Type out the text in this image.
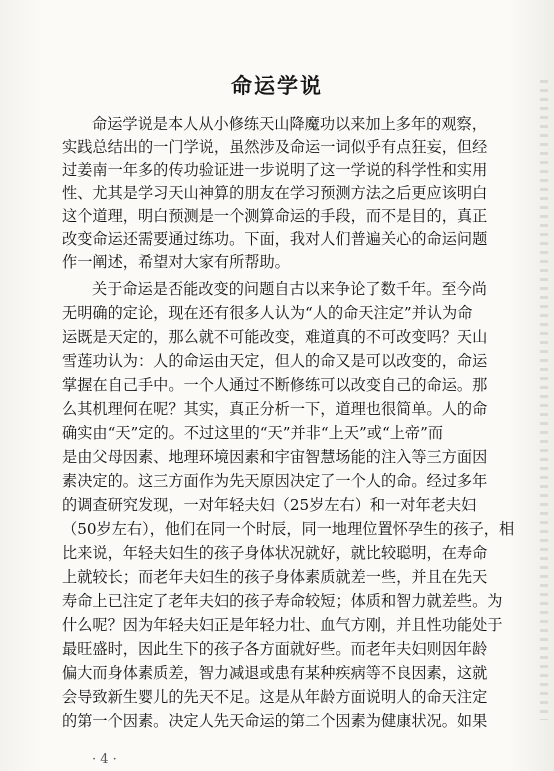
命运学说
命运学说是本人从小修练天山降魔功以来加上多年的观察，
实践总结出的一门学说，虽然涉及命运一词似乎有点狂妄，但经
过姜南一年多的传功验证进一步说明了这一学说的科学性和实用
性、尤其是学习天山神算的朋友在学习预测方法之后更应该明白
这个道理，明白预测是一个测算命运的手段，而不是目的，真正
改变命运还需要通过练功。下面，我对人们普遍关心的命运问题
作一阐述，希望对大家有所帮助。
关于命运是否能改变的问题自古以来争论了数千年。至今尚
无明确的定论，现在还有很多人认为“人的命天注定”并认为命
运既是天定的，那么就不可能改变，难道真的不可改变吗？天山
雪莲功认为：人的命运由天定，但人的命又是可以改变的，命运
掌握在自己手中。一个人通过不断修练可以改变自己的命运。那
么其机理何在呢？其实，真正分析一下，道理也很简单。人的命
确实由“天”定的。不过这里的“天”并非“上天”或“上帝”而
是由父母因素、地理环境因素和宇宙智慧场能的注入等三方面因
素决定的。这三方面作为先天原因决定了一个人的命。经过多年
的调查研究发现，一对年轻夫妇（25岁左右）和一对年老夫妇
（50岁左右），他们在同一个时辰，同一地理位置怀孕生的孩子，相
比来说，年轻夫妇生的孩子身体状况就好，就比较聪明，在寿命
上就较长；而老年夫妇生的孩子身体素质就差一些，并且在先天
寿命上已注定了老年夫妇的孩子寿命较短；体质和智力就差些。为
什么呢？因为年轻夫妇正是年轻力壮、血气方刚，并且性功能处于
最旺盛时，因此生下的孩子各方面就好些。而老年夫妇则因年龄
偏大而身体素质差，智力减退或患有某种疾病等不良因素，这就
会导致新生婴儿的先天不足。这是从年龄方面说明人的命天注定
的第一个因素。决定人先天命运的第二个因素为健康状况。如果
· 4 ·
